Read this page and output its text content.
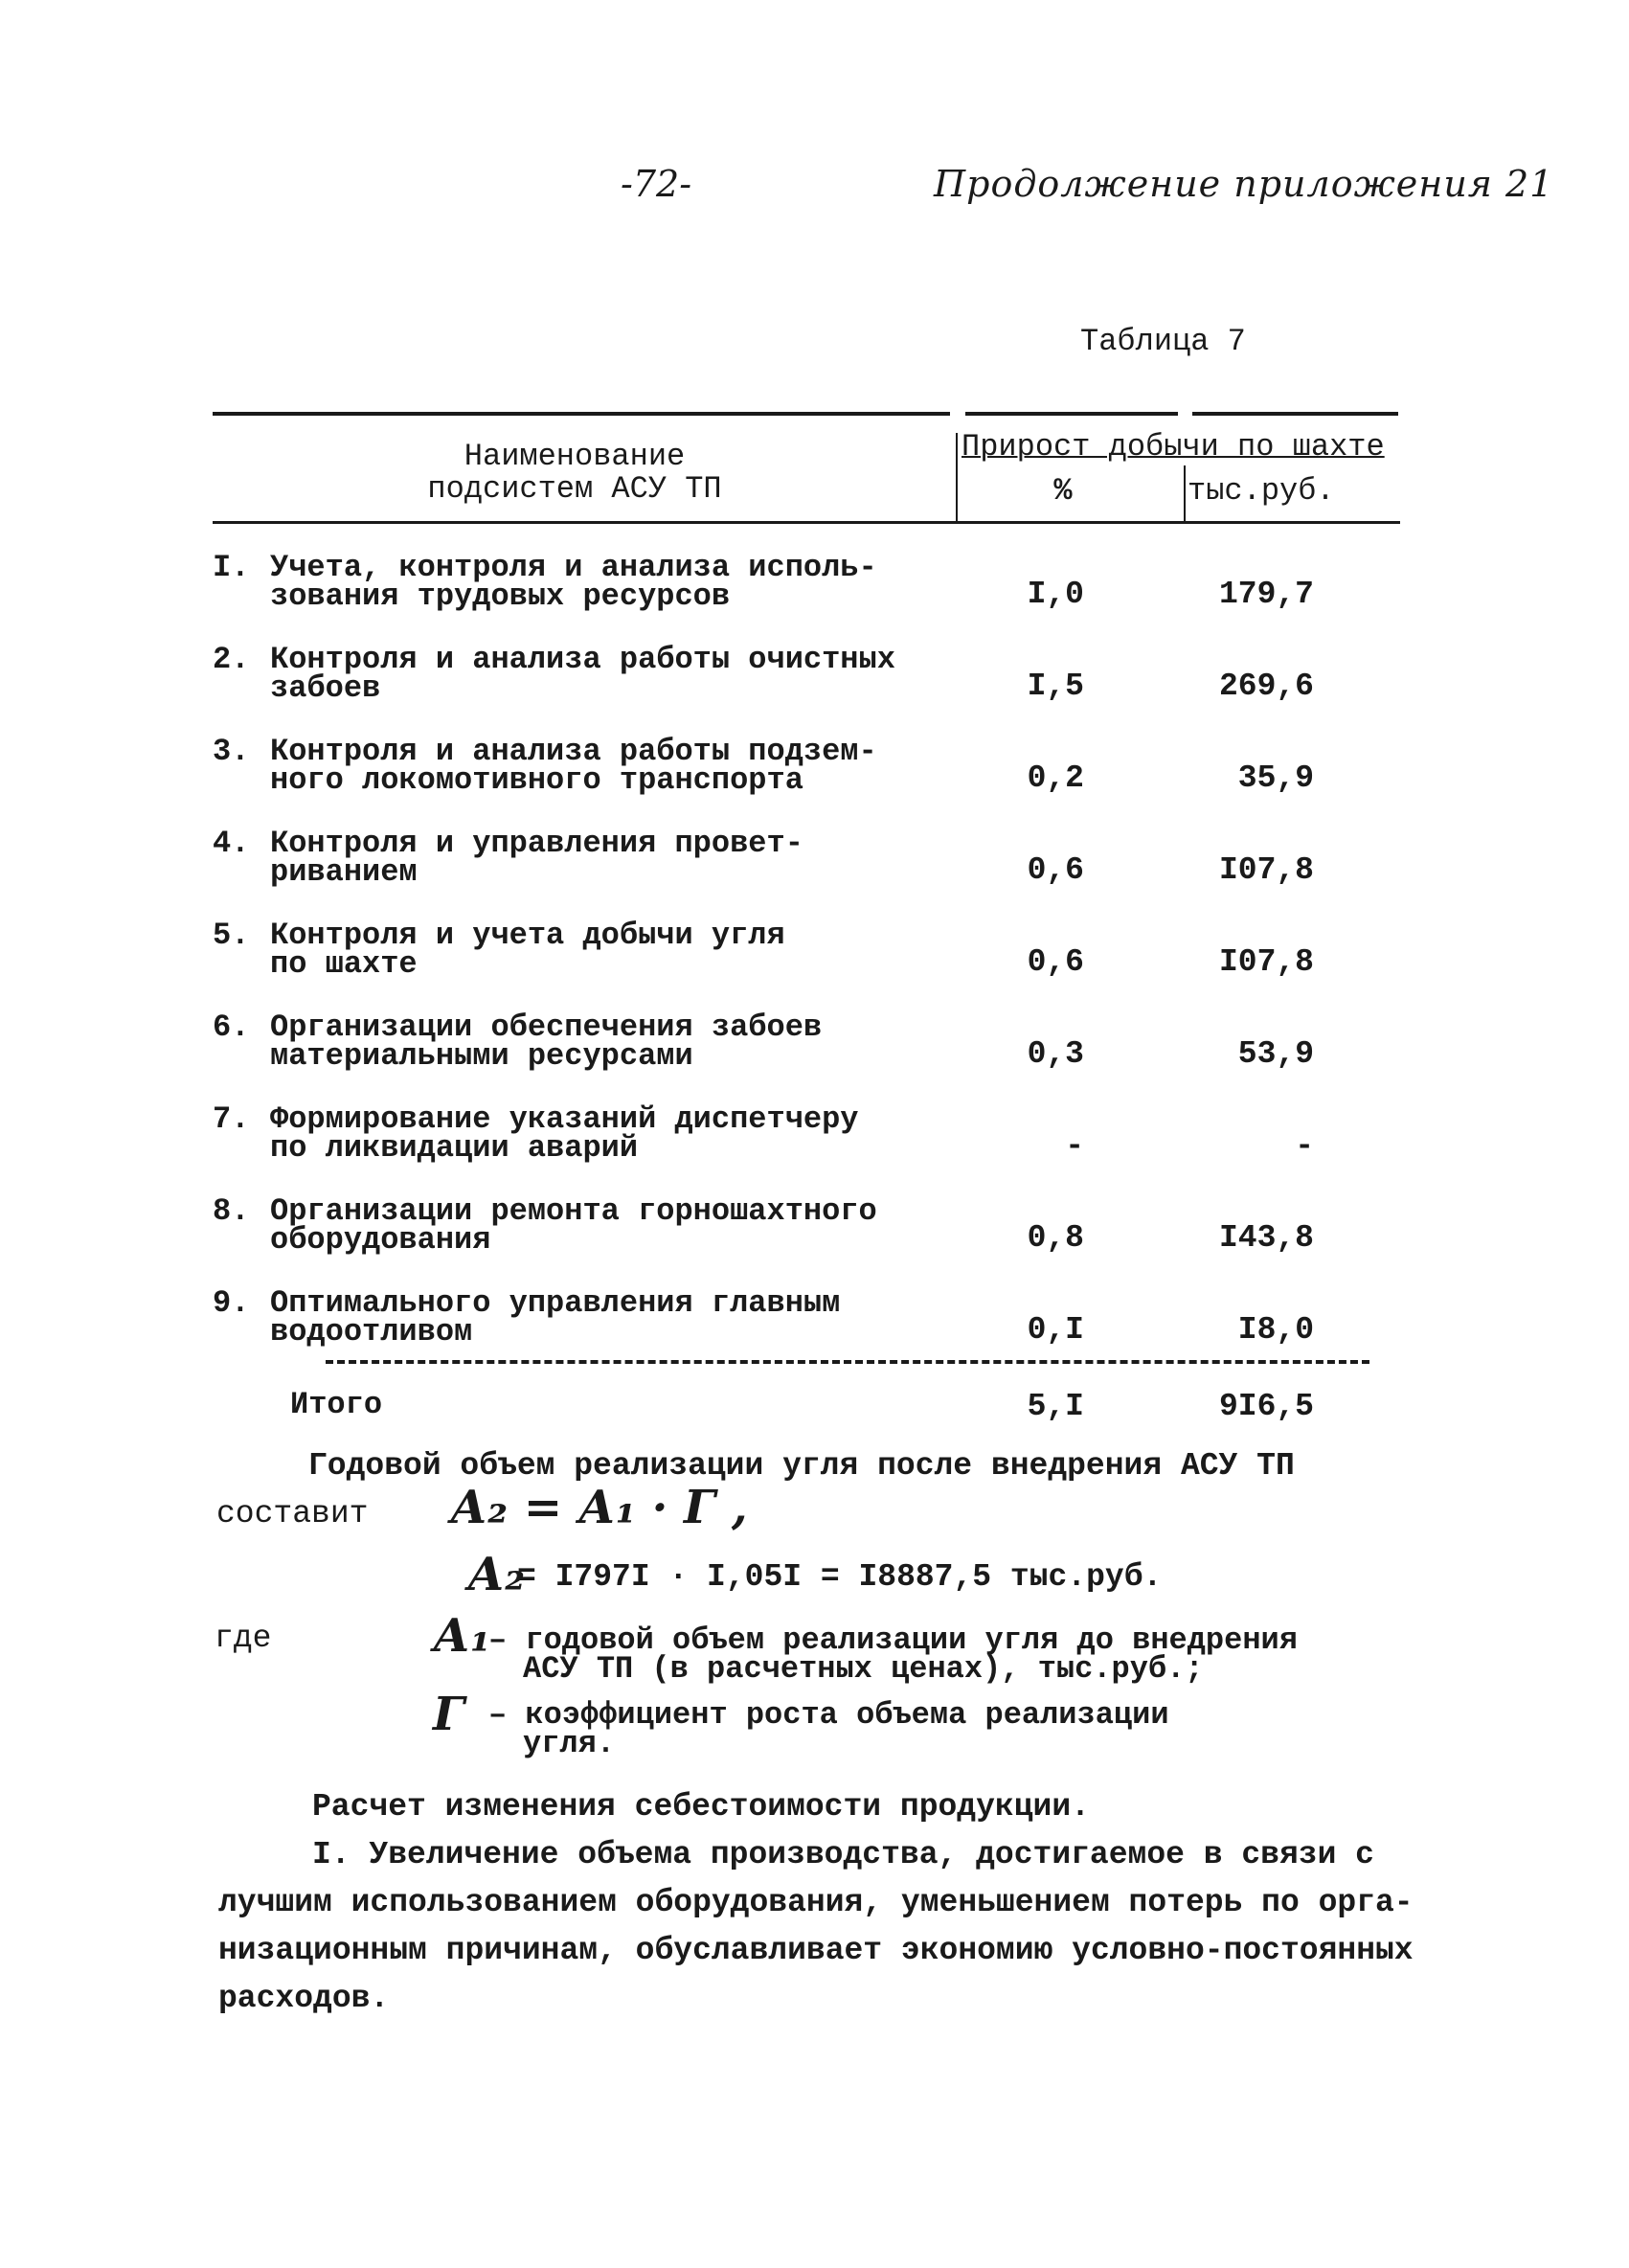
-72-	Продолжение приложения 21
Таблица 7
Наименование
подсистем АСУ ТП
Прирост добычи по шахте
%	тыс.руб.
I. Учета, контроля и анализа исполь-
зования трудовых ресурсов	I,0	179,7
2. Контроля и анализа работы очистных
забоев	I,5	269,6
3. Контроля и анализа работы подзем-
ного локомотивного транспорта	0,2	35,9
4. Контроля и управления провет-
риванием	0,6	I07,8
5. Контроля и учета добычи угля
по шахте	0,6	I07,8
6. Организации обеспечения забоев
материальными ресурсами	0,3	53,9
7. Формирование указаний диспетчеру
по ликвидации аварий	-	-
8. Организации ремонта горношахтного
оборудования	0,8	I43,8
9. Оптимального управления главным
водоотливом	0,I	I8,0
Итого	5,I	9I6,5
Годовой объем реализации угля после внедрения АСУ ТП
составит А₂ = А₁ · Г ,
А₂
= I797I · I,05I = I8887,5 тыс.руб.
где	А₁
– годовой объем реализации угля до внедрения
АСУ ТП (в расчетных ценах), тыс.руб.;
Г – коэффициент роста объема реализации
угля.
Расчет изменения себестоимости продукции.
I. Увеличение объема производства, достигаемое в связи с
лучшим использованием оборудования, уменьшением потерь по орга-
низационным причинам, обуславливает экономию условно-постоянных
расходов.
